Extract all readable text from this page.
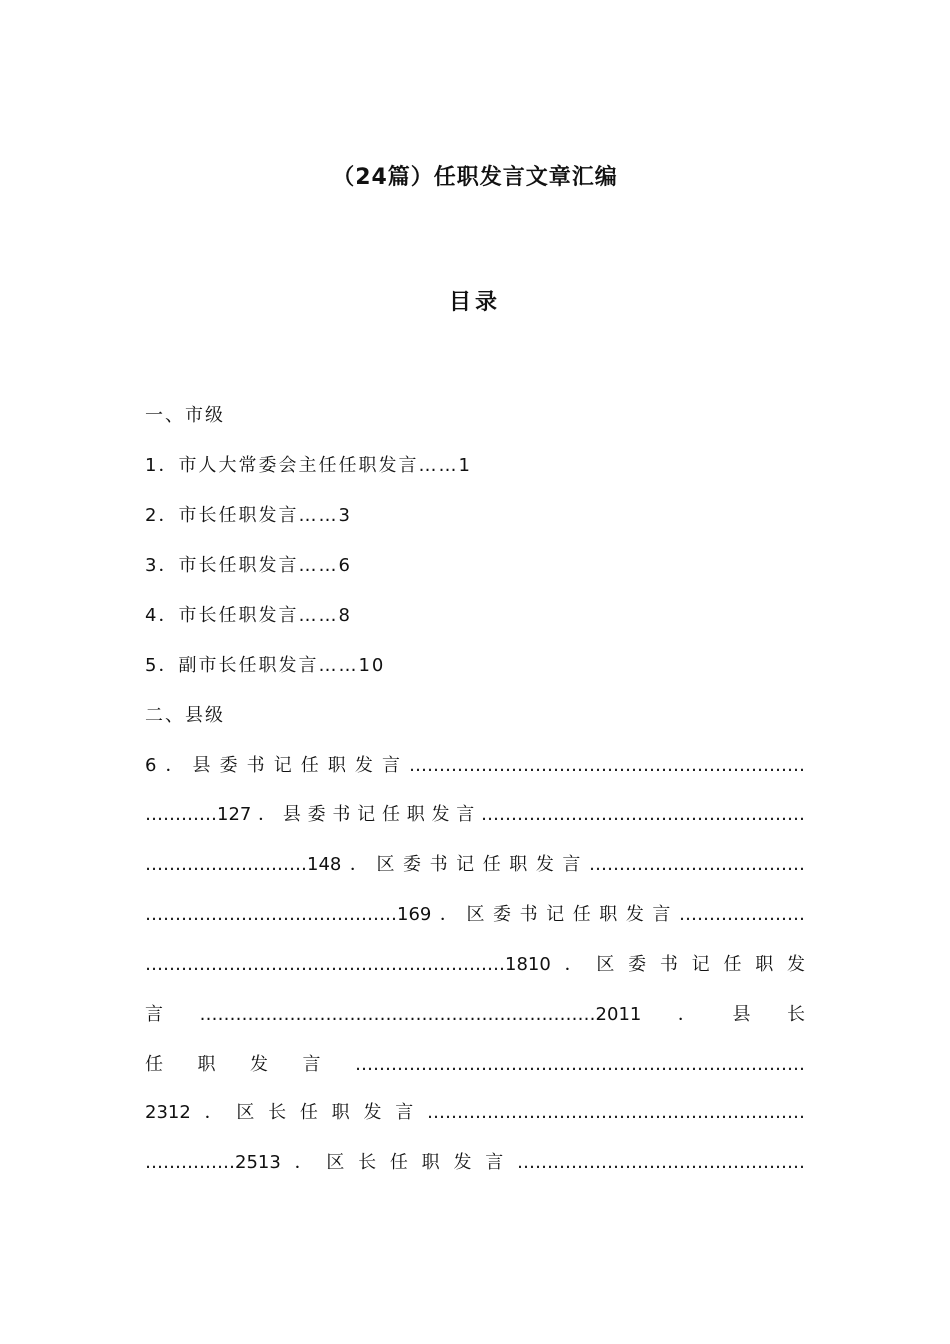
（24篇）任职发言文章汇编
目录
一、市级
1．市人大常委会主任任职发言……1
2．市长任职发言……3
3．市长任职发言……6
4．市长任职发言……8
5．副市长任职发言……10
二、县级
6．县委书记任职发言…………………………………………………………
…………127．县委书记任职发言………………………………………………
………………………148．区委书记任职发言………………………………
……………………………………169．区委书记任职发言…………………
……………………………………………………1810．区委书记任职发
言…………………………………………………………2011．县长
任职发言…………………………………………………………………
2312．区长任职发言………………………………………………………
……………2513．区长任职发言…………………………………………
